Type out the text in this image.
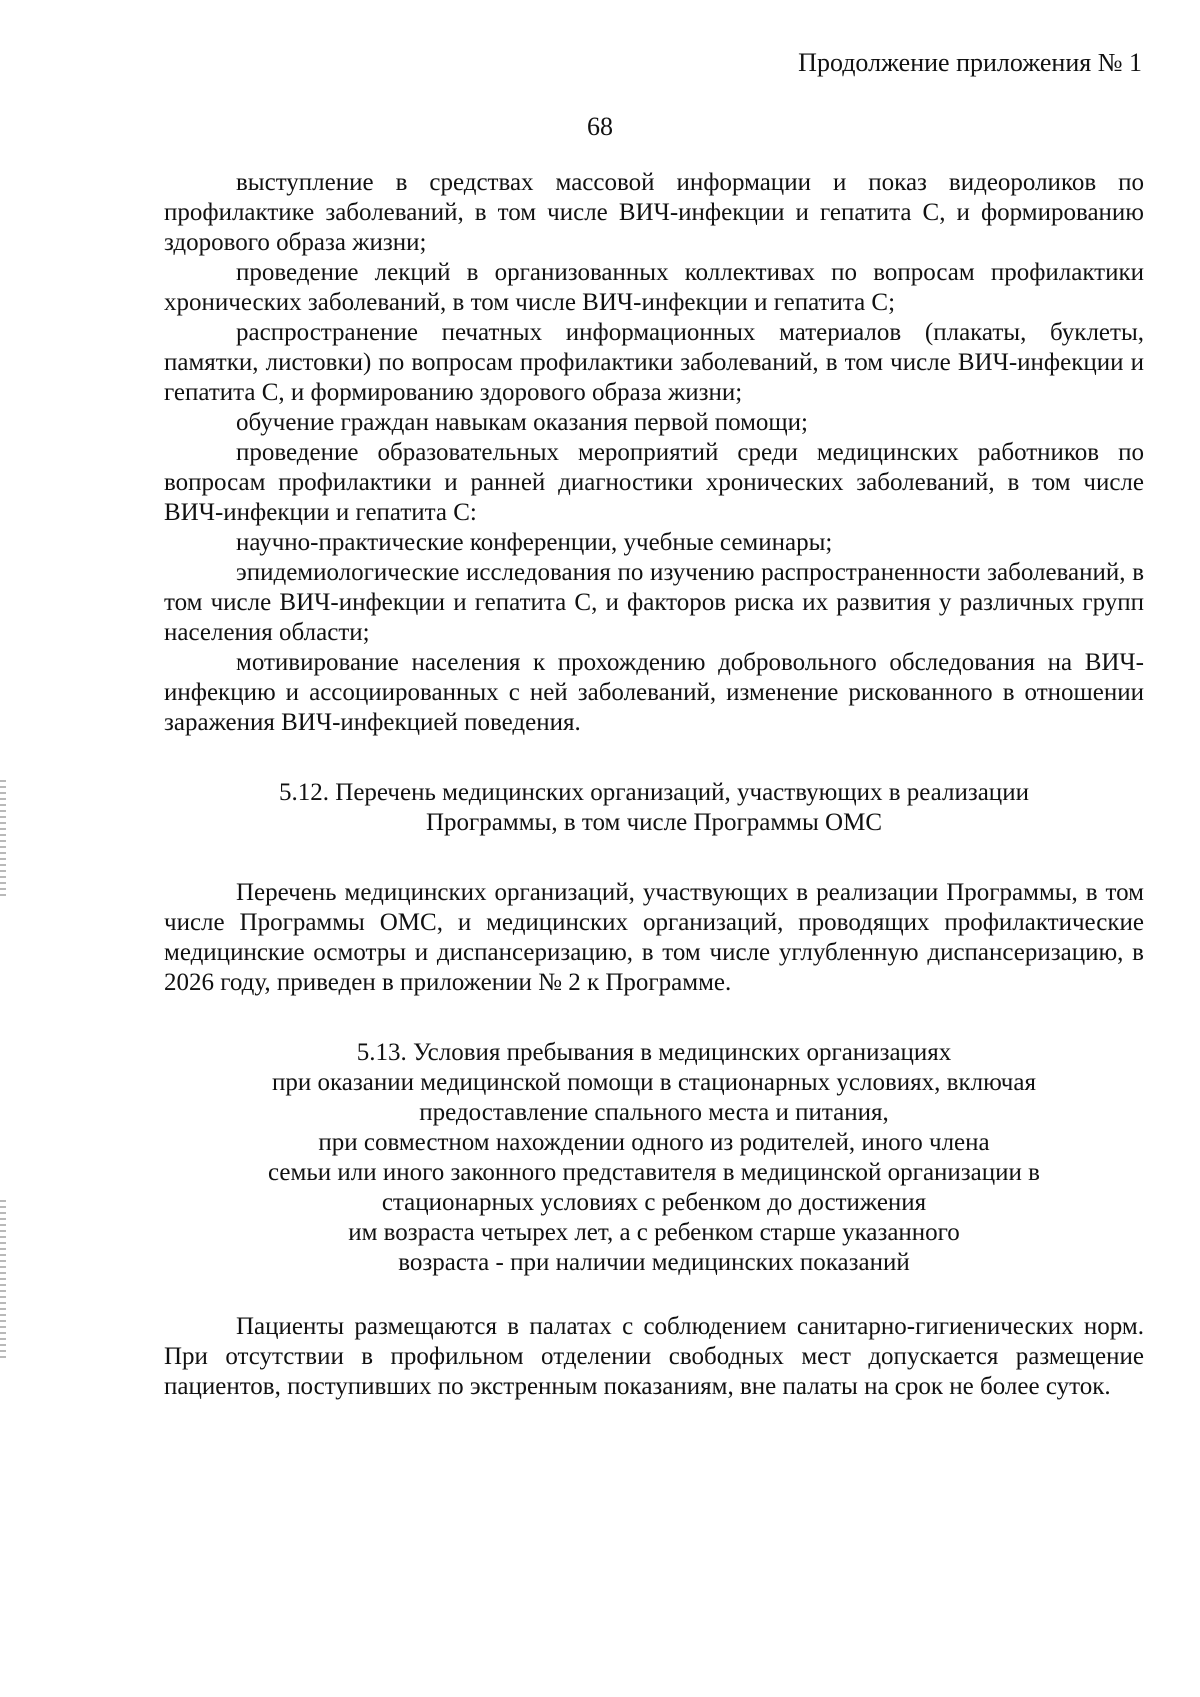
Продолжение приложения № 1
68

выступление в средствах массовой информации и показ видеороликов по профилактике заболеваний, в том числе ВИЧ-инфекции и гепатита С, и формированию здорового образа жизни;

проведение лекций в организованных коллективах по вопросам профилактики хронических заболеваний, в том числе ВИЧ-инфекции и гепатита С;

распространение печатных информационных материалов (плакаты, буклеты, памятки, листовки) по вопросам профилактики заболеваний, в том числе ВИЧ-инфекции и гепатита С, и формированию здорового образа жизни;

обучение граждан навыкам оказания первой помощи;

проведение образовательных мероприятий среди медицинских работников по вопросам профилактики и ранней диагностики хронических заболеваний, в том числе ВИЧ-инфекции и гепатита С:

научно-практические конференции, учебные семинары;

эпидемиологические исследования по изучению распространенности заболеваний, в том числе ВИЧ-инфекции и гепатита С, и факторов риска их развития у различных групп населения области;

мотивирование населения к прохождению добровольного обследования на ВИЧ-инфекцию и ассоциированных с ней заболеваний, изменение рискованного в отношении заражения ВИЧ-инфекцией поведения.

5.12. Перечень медицинских организаций, участвующих в реализации
Программы, в том числе Программы ОМС

Перечень медицинских организаций, участвующих в реализации Программы, в том числе Программы ОМС, и медицинских организаций, проводящих профилактические медицинские осмотры и диспансеризацию, в том числе углубленную диспансеризацию, в 2026 году, приведен в приложении № 2 к Программе.

5.13. Условия пребывания в медицинских организациях
при оказании медицинской помощи в стационарных условиях, включая
предоставление спального места и питания,
при совместном нахождении одного из родителей, иного члена
семьи или иного законного представителя в медицинской организации в
стационарных условиях с ребенком до достижения
им возраста четырех лет, а с ребенком старше указанного
возраста - при наличии медицинских показаний

Пациенты размещаются в палатах с соблюдением санитарно-гигиенических норм. При отсутствии в профильном отделении свободных мест допускается размещение пациентов, поступивших по экстренным показаниям, вне палаты на срок не более суток.
